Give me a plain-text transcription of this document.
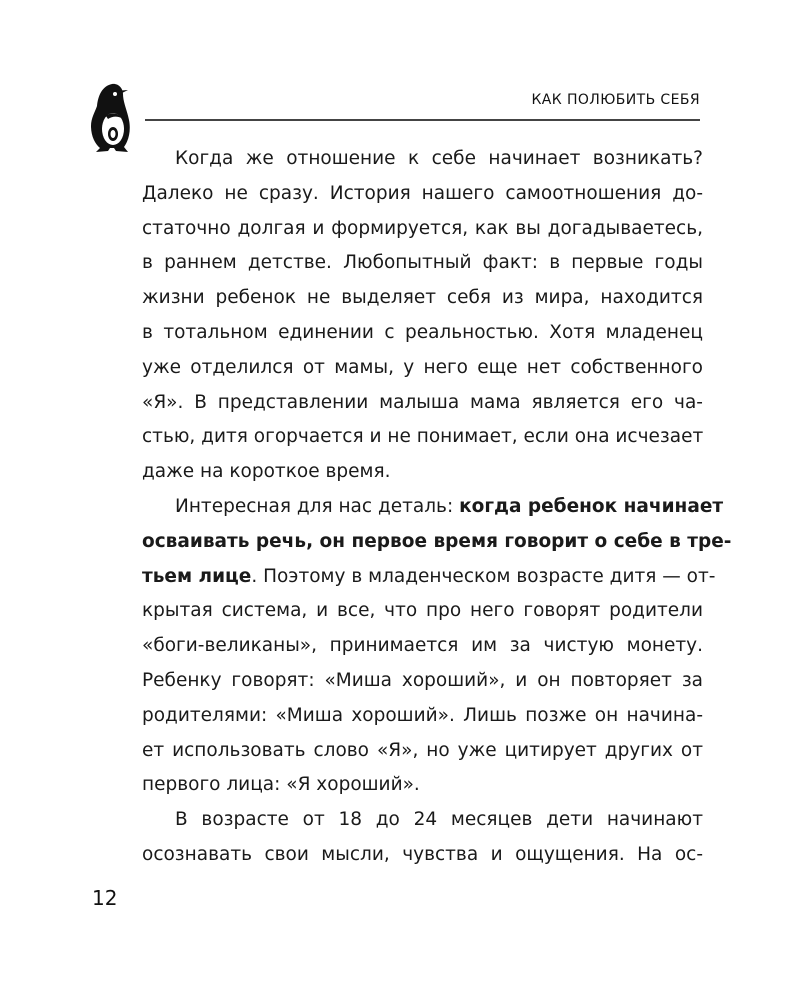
КАК ПОЛЮБИТЬ СЕБЯ
Когда же отношение к себе начинает возникать?
Далеко не сразу. История нашего самоотношения до-
статочно долгая и формируется, как вы догадываетесь,
в раннем детстве. Любопытный факт: в первые годы
жизни ребенок не выделяет себя из мира, находится
в тотальном единении с реальностью. Хотя младенец
уже отделился от мамы, у него еще нет собственного
«Я». В представлении малыша мама является его ча-
стью, дитя огорчается и не понимает, если она исчезает
даже на короткое время.
Интересная для нас деталь: когда ребенок начинает
осваивать речь, он первое время говорит о себе в тре-
тьем лице. Поэтому в младенческом возрасте дитя — от-
крытая система, и все, что про него говорят родители
«боги-великаны», принимается им за чистую монету.
Ребенку говорят: «Миша хороший», и он повторяет за
родителями: «Миша хороший». Лишь позже он начина-
ет использовать слово «Я», но уже цитирует других от
первого лица: «Я хороший».
В возрасте от 18 до 24 месяцев дети начинают
осознавать свои мысли, чувства и ощущения. На ос-
12
